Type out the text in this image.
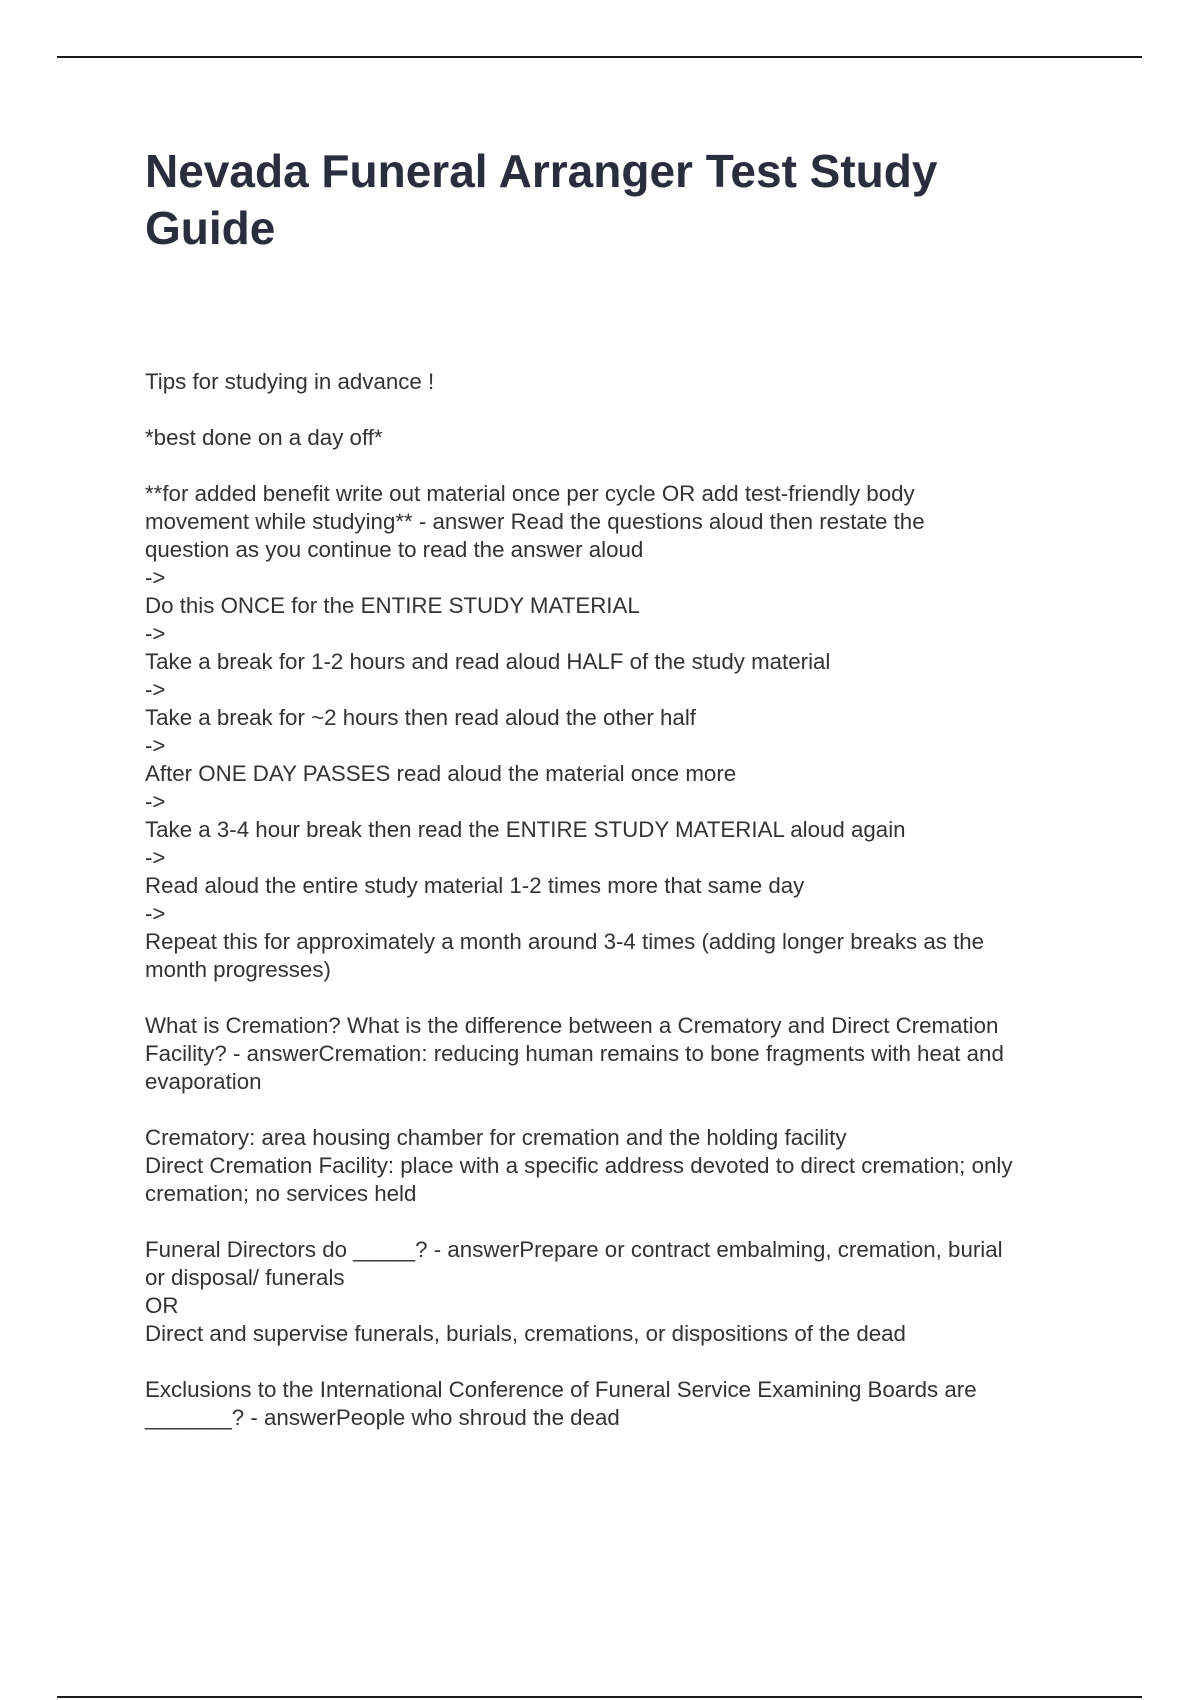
Nevada Funeral Arranger Test Study Guide

Tips for studying in advance !

*best done on a day off*

**for added benefit write out material once per cycle OR add test-friendly body
movement while studying** - answer Read the questions aloud then restate the
question as you continue to read the answer aloud

->

Do this ONCE for the ENTIRE STUDY MATERIAL

->

Take a break for 1-2 hours and read aloud HALF of the study material

->

Take a break for ~2 hours then read aloud the other half

->

After ONE DAY PASSES read aloud the material once more

->

Take a 3-4 hour break then read the ENTIRE STUDY MATERIAL aloud again

->

Read aloud the entire study material 1-2 times more that same day

->

Repeat this for approximately a month around 3-4 times (adding longer breaks as the
month progresses)

What is Cremation? What is the difference between a Crematory and Direct Cremation
Facility? - answerCremation: reducing human remains to bone fragments with heat and
evaporation

Crematory: area housing chamber for cremation and the holding facility
Direct Cremation Facility: place with a specific address devoted to direct cremation; only
cremation; no services held

Funeral Directors do _____? - answerPrepare or contract embalming, cremation, burial
or disposal/ funerals
OR
Direct and supervise funerals, burials, cremations, or dispositions of the dead

Exclusions to the International Conference of Funeral Service Examining Boards are
_______? - answerPeople who shroud the dead
